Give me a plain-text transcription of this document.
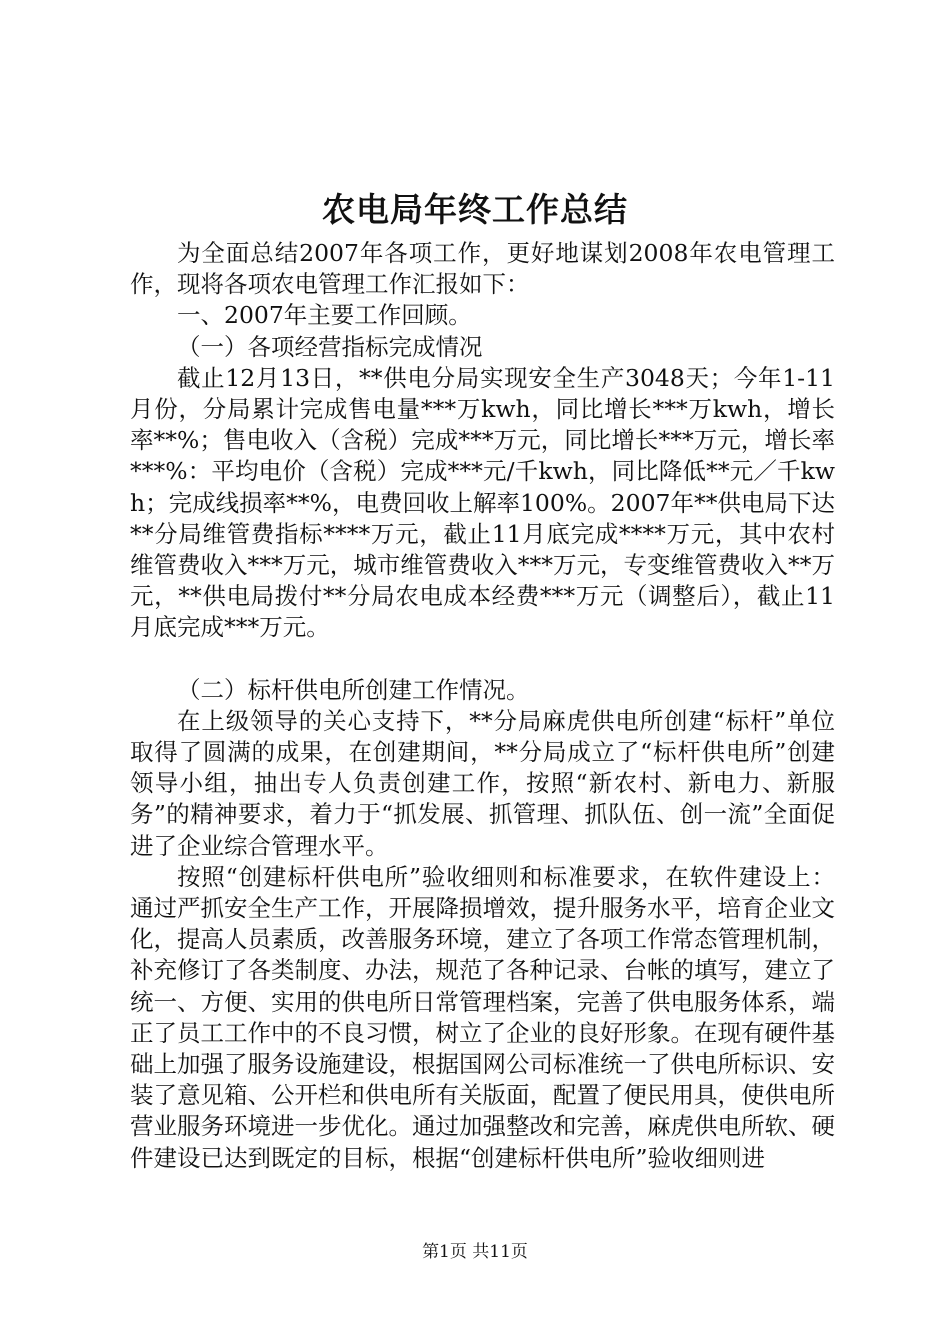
农电局年终工作总结

为全面总结2007年各项工作，更好地谋划2008年农电管理工作，现将各项农电管理工作汇报如下：

一、2007年主要工作回顾。

（一）各项经营指标完成情况

截止12月13日，**供电分局实现安全生产3048天；今年1-11月份，分局累计完成售电量***万kwh，同比增长***万kwh，增长率**%；售电收入（含税）完成***万元，同比增长***万元，增长率***%：平均电价（含税）完成***元/千kwh，同比降低**元／千kwh；完成线损率**%，电费回收上解率100%。2007年**供电局下达**分局维管费指标****万元，截止11月底完成****万元，其中农村维管费收入***万元，城市维管费收入***万元，专变维管费收入**万元，**供电局拨付**分局农电成本经费***万元（调整后），截止11月底完成***万元。

（二）标杆供电所创建工作情况。

在上级领导的关心支持下，**分局麻虎供电所创建“标杆”单位取得了圆满的成果，在创建期间，**分局成立了“标杆供电所”创建领导小组，抽出专人负责创建工作，按照“新农村、新电力、新服务”的精神要求，着力于“抓发展、抓管理、抓队伍、创一流”全面促进了企业综合管理水平。

按照“创建标杆供电所”验收细则和标准要求，在软件建设上：通过严抓安全生产工作，开展降损增效，提升服务水平，培育企业文化，提高人员素质，改善服务环境，建立了各项工作常态管理机制，补充修订了各类制度、办法，规范了各种记录、台帐的填写，建立了统一、方便、实用的供电所日常管理档案，完善了供电服务体系，端正了员工工作中的不良习惯，树立了企业的良好形象。在现有硬件基础上加强了服务设施建设，根据国网公司标准统一了供电所标识、安装了意见箱、公开栏和供电所有关版面，配置了便民用具，使供电所营业服务环境进一步优化。通过加强整改和完善，麻虎供电所软、硬件建设已达到既定的目标，根据“创建标杆供电所”验收细则进

第1页 共11页
